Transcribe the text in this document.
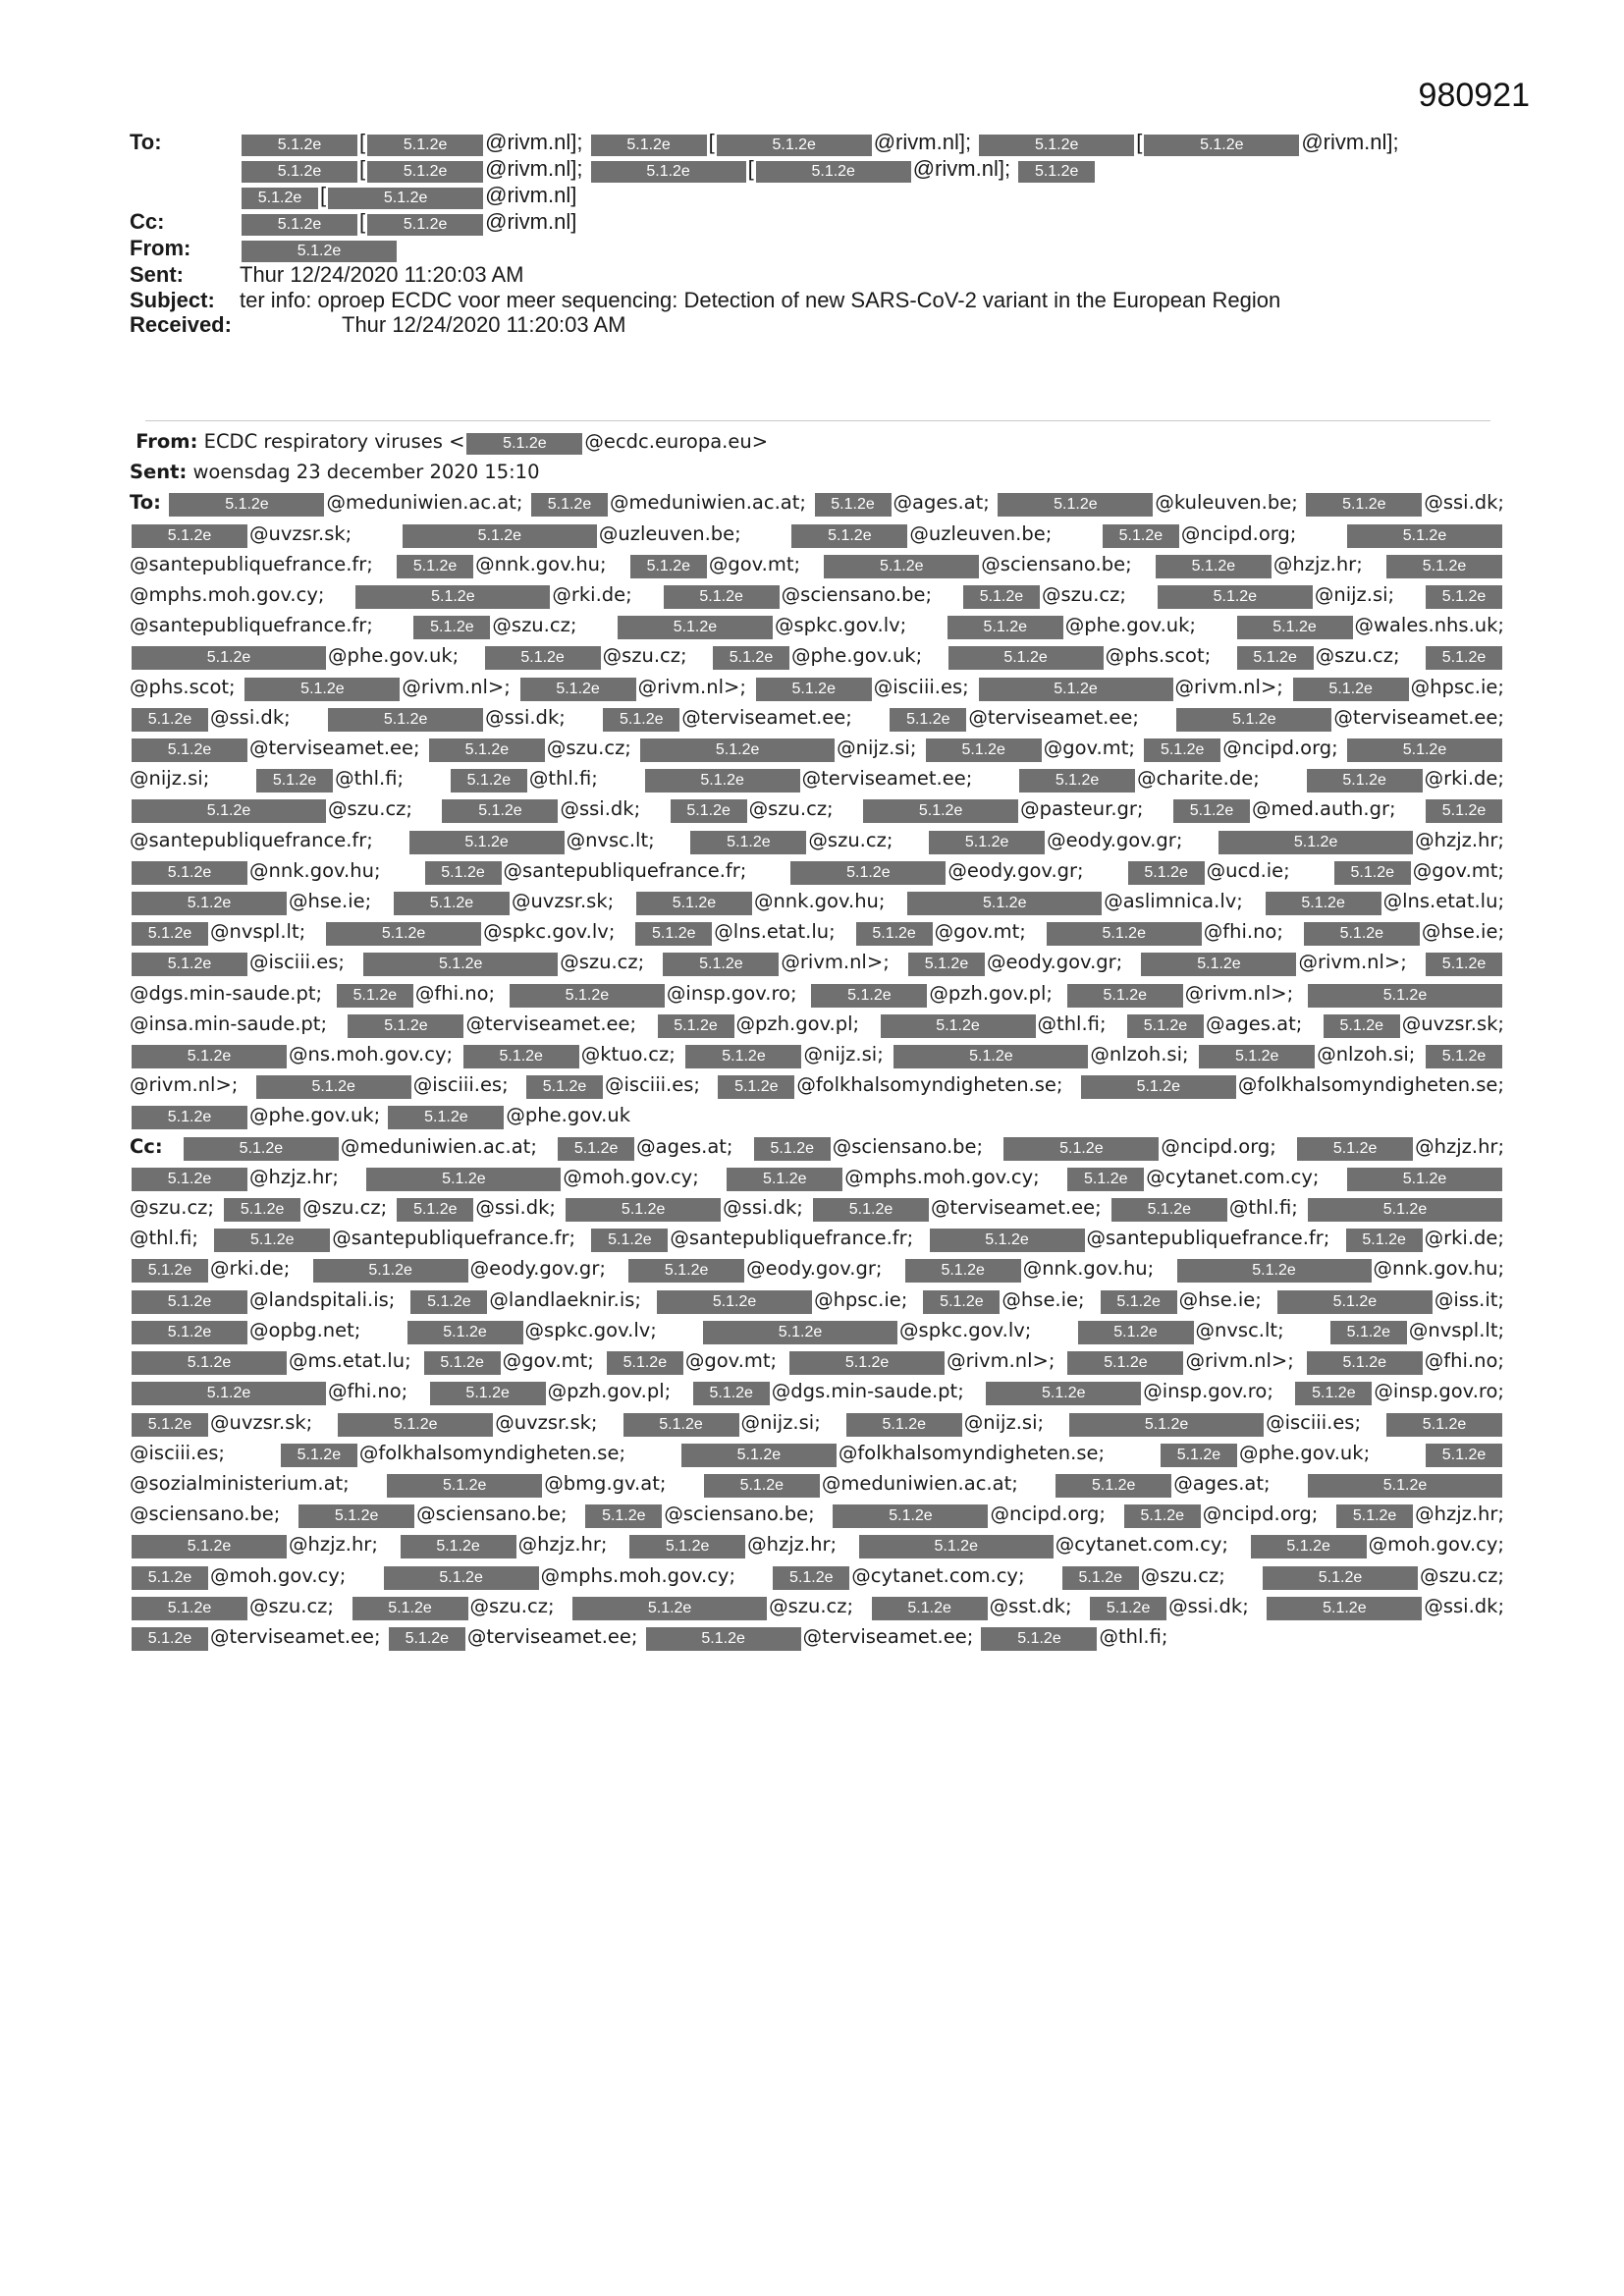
980921
To:	5.1.2e [ 5.1.2e @rivm.nl];	5.1.2e [	5.1.2e	@rivm.nl];	5.1.2e	[	5.1.2e	@rivm.nl];
5.1.2e [ 5.1.2e @rivm.nl];	5.1.2e	[	5.1.2e	@rivm.nl]; 5.1.2e
5.1.2e [	5.1.2e	@rivm.nl]
Cc:	5.1.2e [ 5.1.2e @rivm.nl]
From:	5.1.2e
Sent:	Thur 12/24/2020 11:20:03 AM
Subject:	ter info: oproep ECDC voor meer sequencing: Detection of new SARS-CoV-2 variant in the European Region
Received:	Thur 12/24/2020 11:20:03 AM

From: ECDC respiratory viruses < 5.1.2e @ecdc.europa.eu>

Sent: woensdag 23 december 2020 15:10

To:	5.1.2e	@meduniwien.ac.at; 5.1.2e @meduniwien.ac.at; 5.1.2e @ages.at;	5.1.2e	@kuleuven.be;	5.1.2e @ssi.dk; 5.1.2e @uvzsr.sk;	5.1.2e	@uzleuven.be;	5.1.2e @uzleuven.be;	5.1.2e @ncipd.org;	5.1.2e@santepubliquefrance.fr;	5.1.2e @nnk.gov.hu;	5.1.2e @gov.mt;	5.1.2e	@sciensano.be;	5.1.2e @hzjz.hr;	5.1.2e@mphs.moh.gov.cy;	5.1.2e	@rki.de;	5.1.2e @sciensano.be;	5.1.2e @szu.cz;	5.1.2e	@nijz.si;	5.1.2e@santepubliquefrance.fr;	5.1.2e @szu.cz;	5.1.2e	@spkc.gov.lv;	5.1.2e @phe.gov.uk;	5.1.2e @wales.nhs.uk; 5.1.2e	@phe.gov.uk;	5.1.2e @szu.cz;	5.1.2e @phe.gov.uk;	5.1.2e	@phs.scot;	5.1.2e @szu.cz;	5.1.2e@phs.scot;	5.1.2e	@rivm.nl>;	5.1.2e @rivm.nl>;	5.1.2e @isciii.es;	5.1.2e	@rivm.nl>;	5.1.2e @hpsc.ie; 5.1.2e @ssi.dk;	5.1.2e	@ssi.dk;	5.1.2e @terviseamet.ee;	5.1.2e @terviseamet.ee;	5.1.2e	@terviseamet.ee; 5.1.2e @terviseamet.ee;	5.1.2e @szu.cz;	5.1.2e	@nijz.si;	5.1.2e @gov.mt; 5.1.2e @ncipd.org;	5.1.2e@nijz.si;	5.1.2e @thl.fi;	5.1.2e @thl.fi;	5.1.2e	@terviseamet.ee;	5.1.2e @charite.de;	5.1.2e @rki.de; 5.1.2e	@szu.cz;	5.1.2e @ssi.dk;	5.1.2e @szu.cz;	5.1.2e	@pasteur.gr;	5.1.2e @med.auth.gr;	5.1.2e@santepubliquefrance.fr;	5.1.2e	@nvsc.lt;	5.1.2e @szu.cz;	5.1.2e @eody.gov.gr;	5.1.2e	@hzjz.hr; 5.1.2e @nnk.gov.hu;	5.1.2e @santepubliquefrance.fr;	5.1.2e	@eody.gov.gr;	5.1.2e @ucd.ie;	5.1.2e @gov.mt; 5.1.2e	@hse.ie;	5.1.2e @uvzsr.sk;	5.1.2e @nnk.gov.hu;	5.1.2e	@aslimnica.lv;	5.1.2e @lns.etat.lu; 5.1.2e @nvspl.lt;	5.1.2e	@spkc.gov.lv; 5.1.2e @lns.etat.lu; 5.1.2e @gov.mt;	5.1.2e	@fhi.no;	5.1.2e @hse.ie; 5.1.2e @isciii.es;	5.1.2e	@szu.cz;	5.1.2e @rivm.nl>; 5.1.2e @eody.gov.gr;	5.1.2e	@rivm.nl>; 5.1.2e@dgs.min-saude.pt; 5.1.2e @fhi.no;	5.1.2e	@insp.gov.ro;	5.1.2e @pzh.gov.pl;	5.1.2e @rivm.nl>;	5.1.2e@insa.min-saude.pt;	5.1.2e @terviseamet.ee; 5.1.2e @pzh.gov.pl;	5.1.2e	@thl.fi; 5.1.2e @ages.at; 5.1.2e @uvzsr.sk; 5.1.2e	@ns.moh.gov.cy;	5.1.2e @ktuo.cz;	5.1.2e @nijz.si;	5.1.2e	@nlzoh.si;	5.1.2e @nlzoh.si; 5.1.2e@rivm.nl>;	5.1.2e	@isciii.es; 5.1.2e @isciii.es; 5.1.2e @folkhalsomyndigheten.se;	5.1.2e	@folkhalsomyndigheten.se; 5.1.2e @phe.gov.uk;	5.1.2e @phe.gov.uk

Cc:	5.1.2e	@meduniwien.ac.at; 5.1.2e @ages.at; 5.1.2e @sciensano.be;	5.1.2e	@ncipd.org;	5.1.2e @hzjz.hr; 5.1.2e @hzjz.hr;	5.1.2e	@moh.gov.cy;	5.1.2e @mphs.moh.gov.cy;	5.1.2e @cytanet.com.cy;	5.1.2e@szu.cz; 5.1.2e @szu.cz; 5.1.2e @ssi.dk;	5.1.2e	@ssi.dk;	5.1.2e @terviseamet.ee;	5.1.2e @thl.fi;	5.1.2e@thl.fi;	5.1.2e @santepubliquefrance.fr; 5.1.2e @santepubliquefrance.fr;	5.1.2e	@santepubliquefrance.fr; 5.1.2e @rki.de; 5.1.2e @rki.de;	5.1.2e	@eody.gov.gr;	5.1.2e @eody.gov.gr;	5.1.2e @nnk.gov.hu;	5.1.2e	@nnk.gov.hu; 5.1.2e @landspitali.is; 5.1.2e @landlaeknir.is;	5.1.2e	@hpsc.ie; 5.1.2e @hse.ie; 5.1.2e @hse.ie;	5.1.2e	@iss.it; 5.1.2e @opbg.net;	5.1.2e @spkc.gov.lv;	5.1.2e	@spkc.gov.lv;	5.1.2e @nvsc.lt;	5.1.2e @nvspl.lt; 5.1.2e	@ms.etat.lu; 5.1.2e @gov.mt; 5.1.2e @gov.mt;	5.1.2e	@rivm.nl>;	5.1.2e @rivm.nl>;	5.1.2e @fhi.no; 5.1.2e	@fhi.no;	5.1.2e @pzh.gov.pl; 5.1.2e @dgs.min-saude.pt;	5.1.2e	@insp.gov.ro; 5.1.2e @insp.gov.ro; 5.1.2e @uvzsr.sk;	5.1.2e	@uvzsr.sk;	5.1.2e @nijz.si;	5.1.2e @nijz.si;	5.1.2e	@isciii.es;	5.1.2e@isciii.es;	5.1.2e @folkhalsomyndigheten.se;	5.1.2e	@folkhalsomyndigheten.se;	5.1.2e @phe.gov.uk;	5.1.2e@sozialministerium.at;	5.1.2e	@bmg.gv.at;	5.1.2e @meduniwien.ac.at;	5.1.2e @ages.at;	5.1.2e@sciensano.be;	5.1.2e @sciensano.be; 5.1.2e @sciensano.be;	5.1.2e	@ncipd.org; 5.1.2e @ncipd.org; 5.1.2e @hzjz.hr; 5.1.2e	@hzjz.hr;	5.1.2e @hzjz.hr;	5.1.2e @hzjz.hr;	5.1.2e	@cytanet.com.cy;	5.1.2e @moh.gov.cy; 5.1.2e @moh.gov.cy;	5.1.2e	@mphs.moh.gov.cy;	5.1.2e @cytanet.com.cy;	5.1.2e @szu.cz;	5.1.2e	@szu.cz; 5.1.2e @szu.cz;	5.1.2e @szu.cz;	5.1.2e	@szu.cz;	5.1.2e @sst.dk; 5.1.2e @ssi.dk;	5.1.2e	@ssi.dk; 5.1.2e @terviseamet.ee; 5.1.2e @terviseamet.ee;	5.1.2e	@terviseamet.ee;	5.1.2e @thl.fi;
